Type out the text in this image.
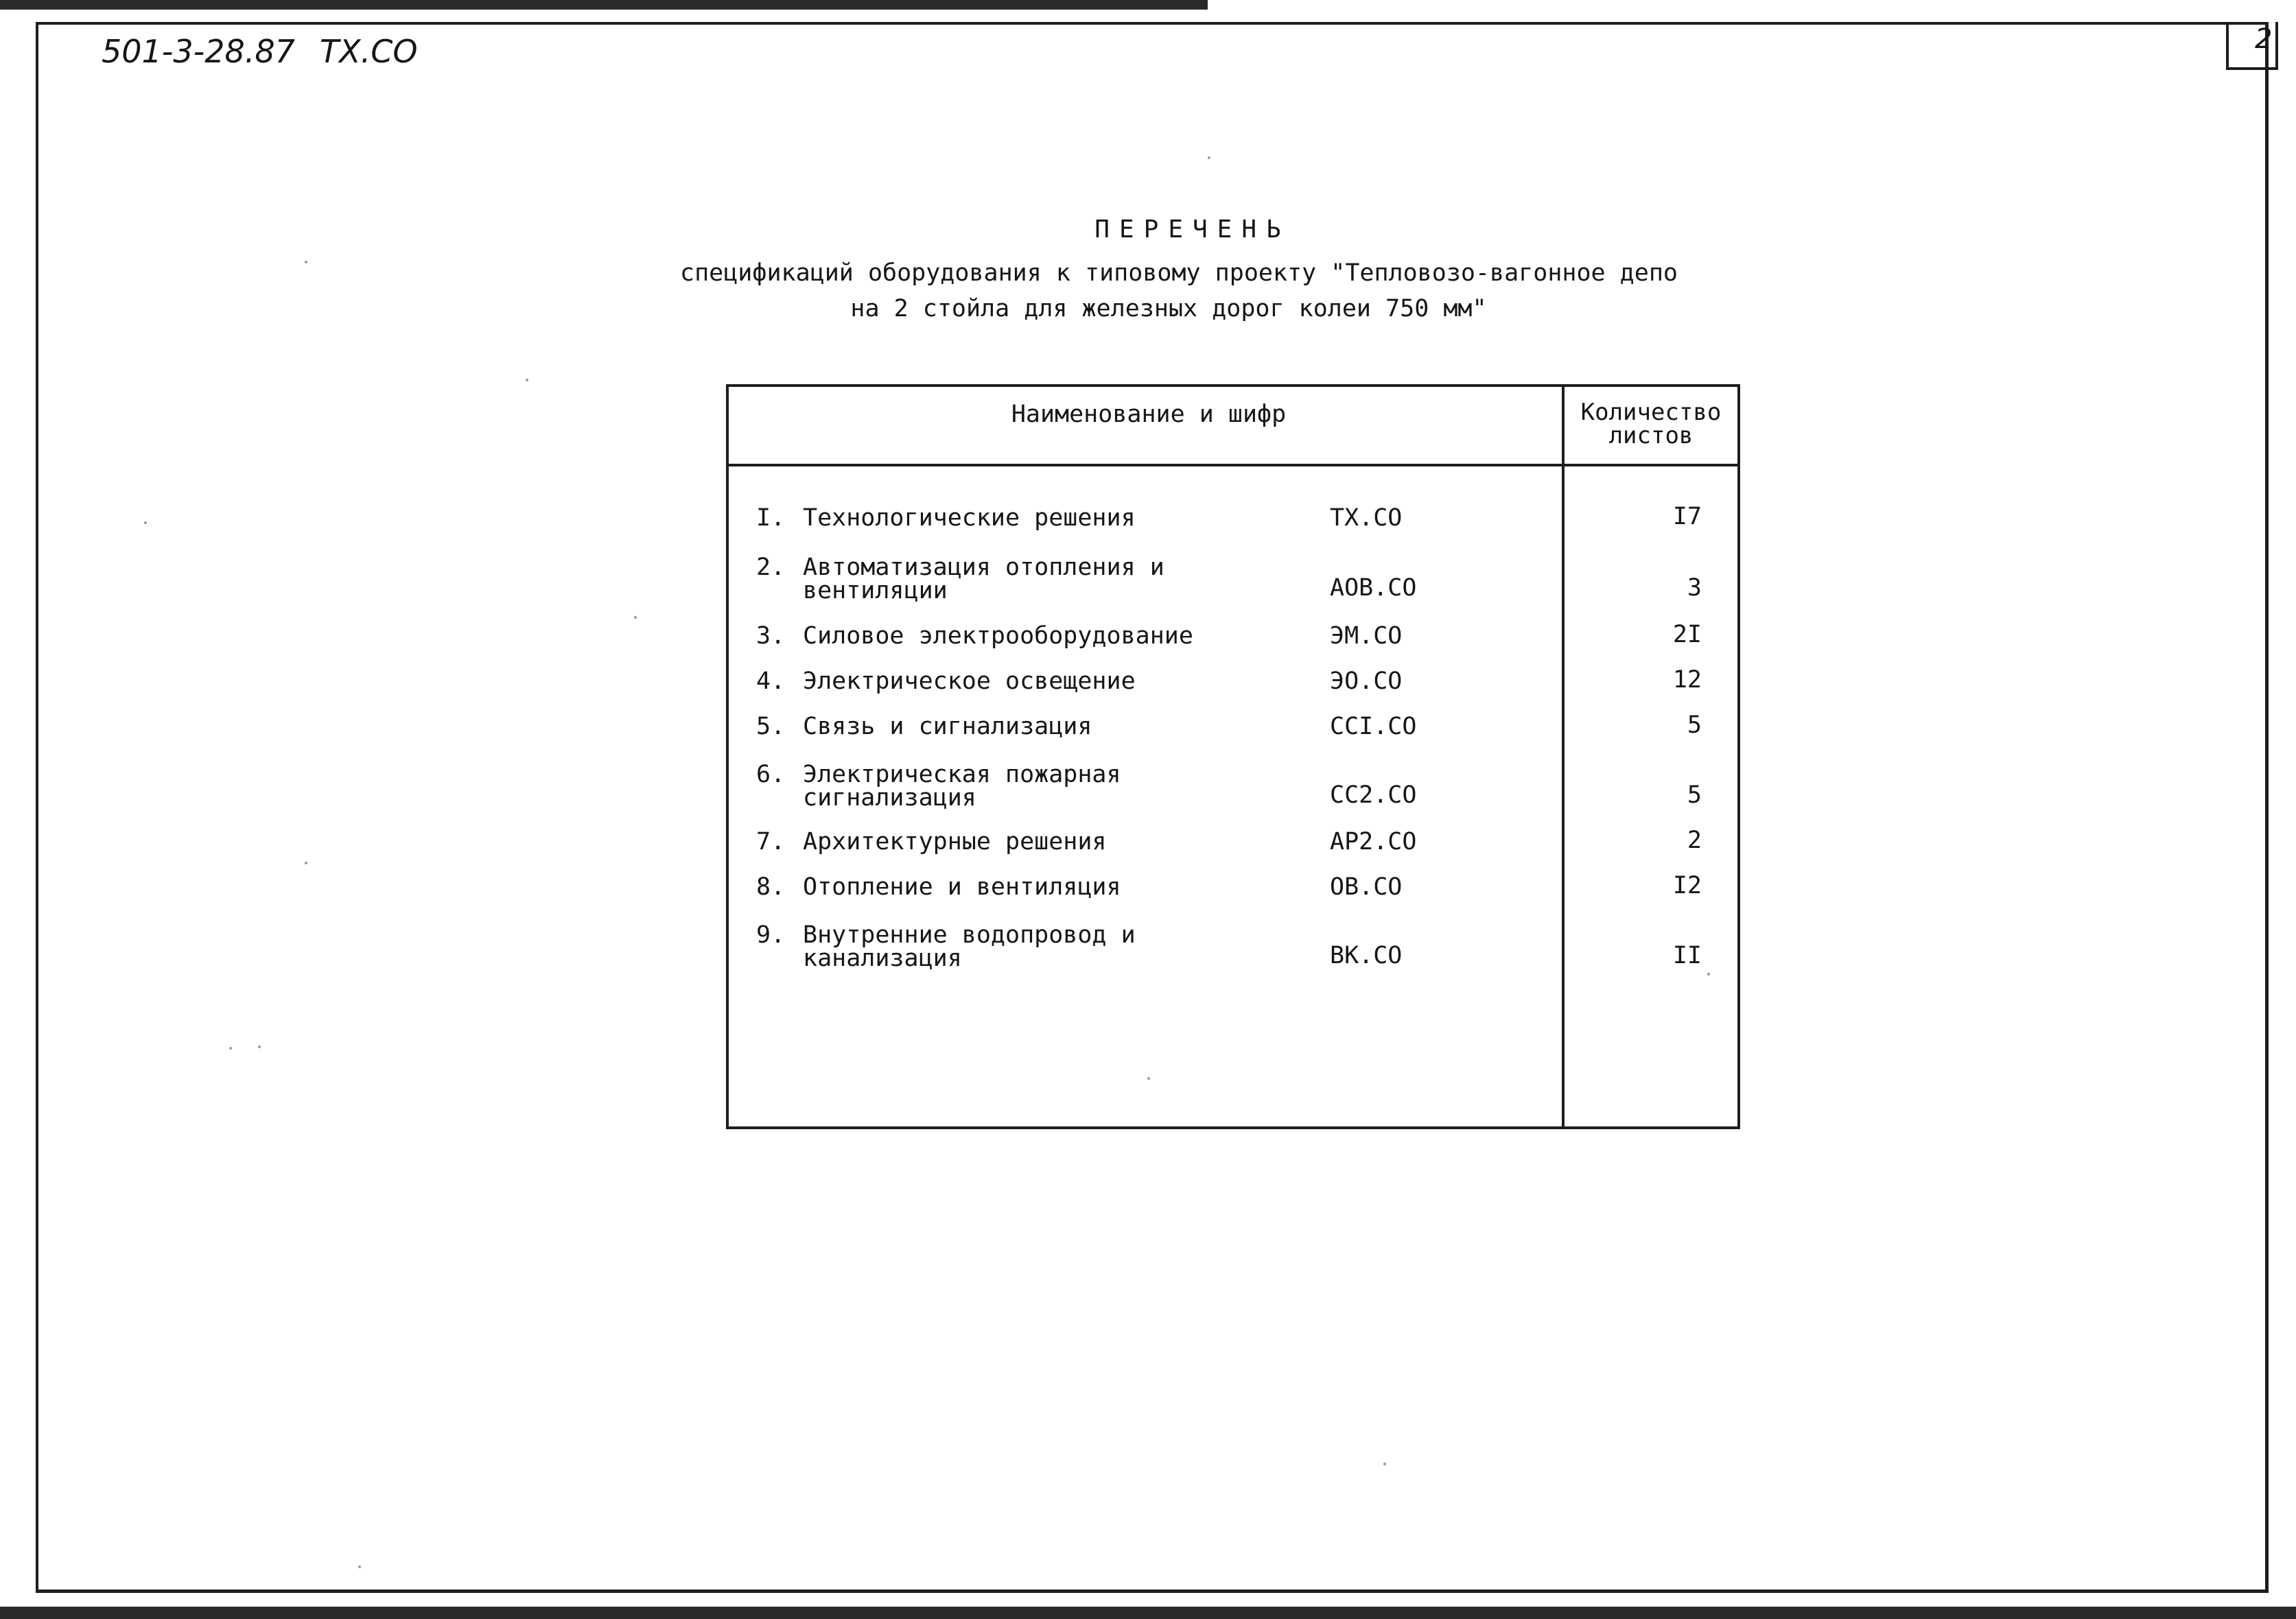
501-3-28.87 ТХ.СО	2
ПЕРЕЧЕНЬ
спецификаций оборудования к типовому проекту "Тепловозо-вагонное депо
на 2 стойла для железных дорог колеи 750 мм"
Наименование и шифр	Количество
листов
I. Технологические решения	ТХ.СО	I7
2. Автоматизация отопления и
вентиляции	АОВ.СО	3
3. Силовое электрооборудование	ЭМ.СО	2I
4. Электрическое освещение	ЭО.СО	12
5. Связь и сигнализация	ССI.СО	5
6. Электрическая пожарная
сигнализация	СС2.СО	5
7. Архитектурные решения	АР2.СО	2
8. Отопление и вентиляция	ОВ.СО	I2
9. Внутренние водопровод и
канализация	ВК.СО	II
